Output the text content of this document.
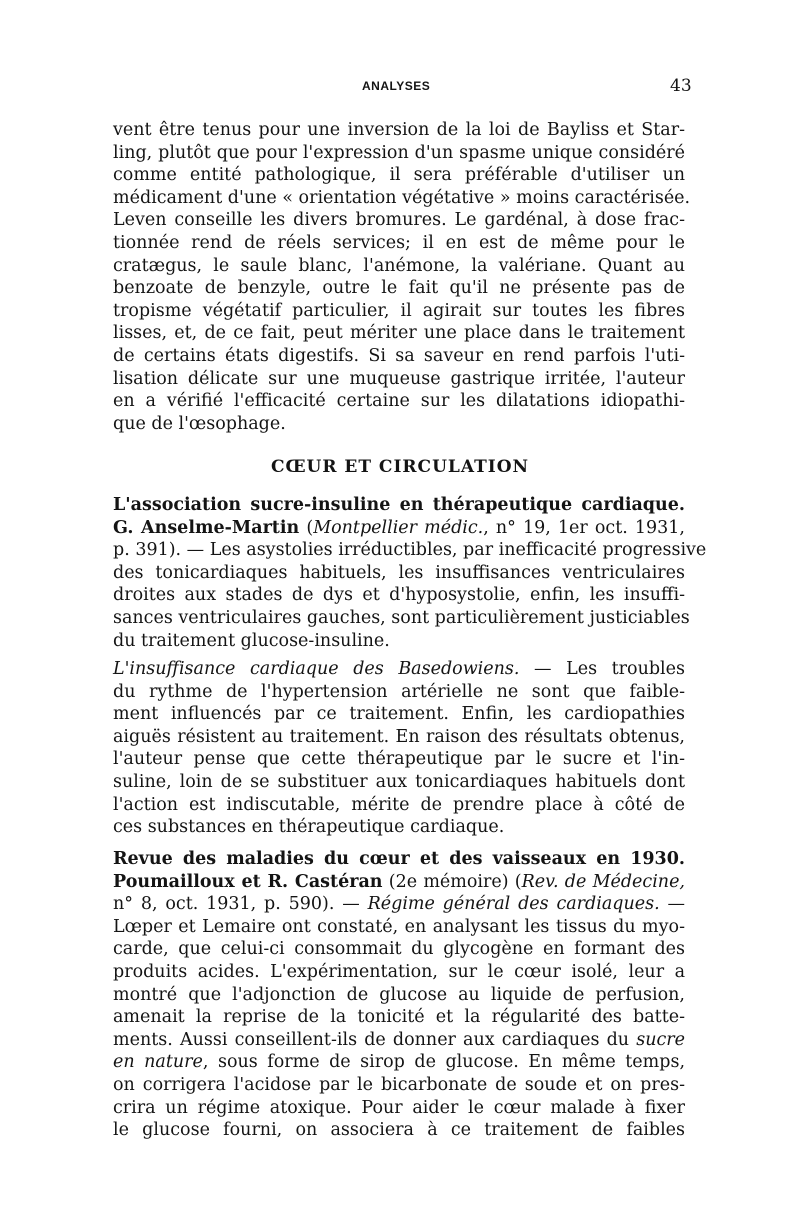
ANALYSES	43
vent être tenus pour une inversion de la loi de Bayliss et Star-
ling, plutôt que pour l'expression d'un spasme unique considéré
comme entité pathologique, il sera préférable d'utiliser un
médicament d'une « orientation végétative » moins caractérisée.
Leven conseille les divers bromures. Le gardénal, à dose frac-
tionnée rend de réels services; il en est de même pour le
cratægus, le saule blanc, l'anémone, la valériane. Quant au
benzoate de benzyle, outre le fait qu'il ne présente pas de
tropisme végétatif particulier, il agirait sur toutes les fibres
lisses, et, de ce fait, peut mériter une place dans le traitement
de certains états digestifs. Si sa saveur en rend parfois l'uti-
lisation délicate sur une muqueuse gastrique irritée, l'auteur
en a vérifié l'efficacité certaine sur les dilatations idiopathi-
que de l'œsophage.
CŒUR ET CIRCULATION
L'association sucre-insuline en thérapeutique cardiaque.
G. Anselme-Martin (Montpellier médic., n° 19, 1er oct. 1931,
p. 391). — Les asystolies irréductibles, par inefficacité progressive
des tonicardiaques habituels, les insuffisances ventriculaires
droites aux stades de dys et d'hyposystolie, enfin, les insuffi-
sances ventriculaires gauches, sont particulièrement justiciables
du traitement glucose-insuline.
L'insuffisance cardiaque des Basedowiens. — Les troubles
du rythme de l'hypertension artérielle ne sont que faible-
ment influencés par ce traitement. Enfin, les cardiopathies
aiguës résistent au traitement. En raison des résultats obtenus,
l'auteur pense que cette thérapeutique par le sucre et l'in-
suline, loin de se substituer aux tonicardiaques habituels dont
l'action est indiscutable, mérite de prendre place à côté de
ces substances en thérapeutique cardiaque.
Revue des maladies du cœur et des vaisseaux en 1930.
Poumailloux et R. Castéran (2e mémoire) (Rev. de Médecine,
n° 8, oct. 1931, p. 590). — Régime général des cardiaques. —
Lœper et Lemaire ont constaté, en analysant les tissus du myo-
carde, que celui-ci consommait du glycogène en formant des
produits acides. L'expérimentation, sur le cœur isolé, leur a
montré que l'adjonction de glucose au liquide de perfusion,
amenait la reprise de la tonicité et la régularité des batte-
ments. Aussi conseillent-ils de donner aux cardiaques du sucre
en nature, sous forme de sirop de glucose. En même temps,
on corrigera l'acidose par le bicarbonate de soude et on pres-
crira un régime atoxique. Pour aider le cœur malade à fixer
le glucose fourni, on associera à ce traitement de faibles
